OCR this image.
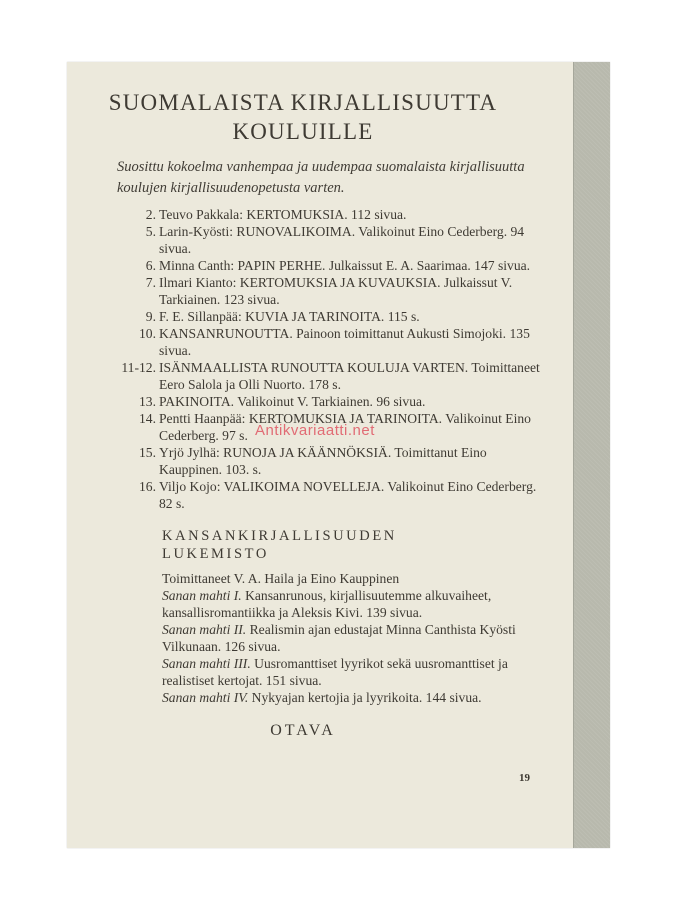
SUOMALAISTA KIRJALLISUUTTA
KOULUILLE
Suosittu kokoelma vanhempaa ja uudempaa suomalaista kirjallisuutta koulujen kirjallisuudenopetusta varten.

2. Teuvo Pakkala: KERTOMUKSIA. 112 sivua.

5. Larin-Kyösti: RUNOVALIKOIMA. Valikoinut Eino Cederberg. 94 sivua.

6. Minna Canth: PAPIN PERHE. Julkaissut E. A. Saarimaa. 147 sivua.

7. Ilmari Kianto: KERTOMUKSIA JA KUVAUKSIA. Julkaissut V. Tarkiainen. 123 sivua.

9. F. E. Sillanpää: KUVIA JA TARINOITA. 115 s.

10. KANSANRUNOUTTA. Painoon toimittanut Aukusti Simojoki. 135 sivua.

11-12. ISÄNMAALLISTA RUNOUTTA KOULUJA VARTEN. Toimittaneet Eero Salola ja Olli Nuorto. 178 s.

13. PAKINOITA. Valikoinut V. Tarkiainen. 96 sivua.

14. Pentti Haanpää: KERTOMUKSIA JA TARINOITA. Valikoinut Eino Cederberg. 97 s.

15. Yrjö Jylhä: RUNOJA JA KÄÄNNÖKSIÄ. Toimittanut Eino Kauppinen. 103. s.

16. Viljo Kojo: VALIKOIMA NOVELLEJA. Valikoinut Eino Cederberg. 82 s.

KANSANKIRJALLISUUDEN
LUKEMISTO

Toimittaneet V. A. Haila ja Eino Kauppinen

Sanan mahti I. Kansanrunous, kirjallisuutemme alkuvaiheet, kansallisromantiikka ja Aleksis Kivi. 139 sivua.

Sanan mahti II. Realismin ajan edustajat Minna Canthista Kyösti Vilkunaan. 126 sivua.

Sanan mahti III. Uusromanttiset lyyrikot sekä uusromanttiset ja realistiset kertojat. 151 sivua.

Sanan mahti IV. Nykyajan kertojia ja lyyrikoita. 144 sivua.

OTAVA
19
Antikvariaatti.net
